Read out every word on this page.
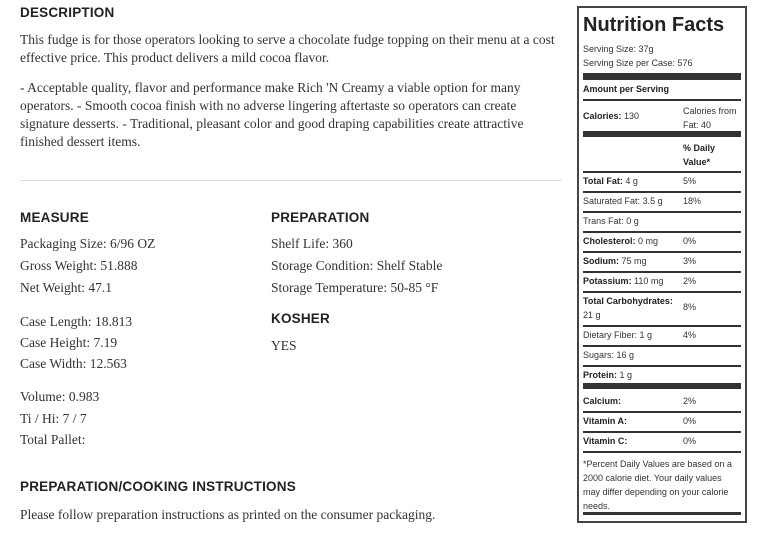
DESCRIPTION
This fudge is for those operators looking to serve a chocolate fudge topping on their menu at a cost effective price. This product delivers a mild cocoa flavor.
- Acceptable quality, flavor and performance make Rich 'N Creamy a viable option for many operators. - Smooth cocoa finish with no adverse lingering aftertaste so operators can create signature desserts. - Traditional, pleasant color and good draping capabilities create attractive finished dessert items.
MEASURE
Packaging Size: 6/96 OZ
Gross Weight: 51.888
Net Weight: 47.1
Case Length: 18.813
Case Height: 7.19
Case Width: 12.563
Volume: 0.983
Ti / Hi: 7 / 7
Total Pallet:
PREPARATION
Shelf Life: 360
Storage Condition: Shelf Stable
Storage Temperature: 50-85 °F
KOSHER
YES
PREPARATION/COOKING INSTRUCTIONS
Please follow preparation instructions as printed on the consumer packaging.
Nutrition Facts
Serving Size: 37g
Serving Size per Case: 576
Amount per Serving
Calories: 130	Calories from
Fat: 40
% Daily
Value*
Total Fat: 4 g	5%
Saturated Fat: 3.5 g 18%
Trans Fat: 0 g
Cholesterol: 0 mg	0%
Sodium: 75 mg	3%
Potassium: 110 mg 2%
Total Carbohydrates: 21 g
8%
Dietary Fiber: 1 g	4%
Sugars: 16 g
Protein: 1 g
Calcium:	2%
Vitamin A:	0%
Vitamin C:	0%
*Percent Daily Values are based on a 2000 calorie diet. Your daily values may differ depending on your calorie needs.
